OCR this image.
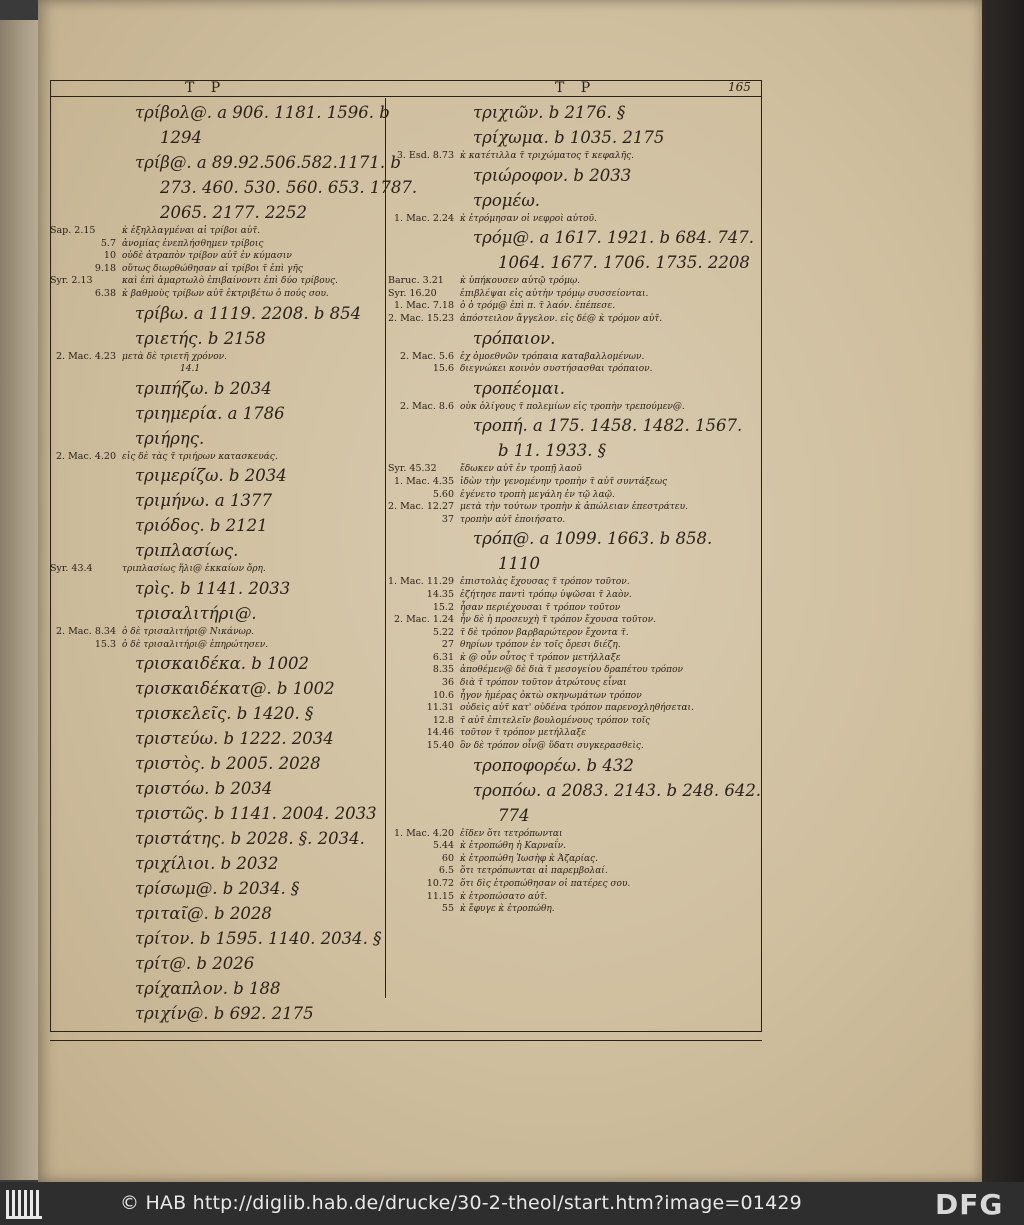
T P	T P	165
τρίβολ@. a 906. 1181. 1596. b
1294
τρίβ@. a 89.92.506.582.1171. b
273. 460. 530. 560. 653. 1787.
2065. 2177. 2252
Sap. 2.15	κ̀ ἐξηλλαγμέναι αἱ τρίβοι αὐτ̃.
5.7 ἀνομίας ἐνεπλήσθημεν τρίβοις
10 οὐδὲ ἀτραπὸν τρίβον αὐτ̃ ἐν κύμασιν
9.18 οὕτως διωρθώθησαν αἱ τρίβοι τ̃ ἐπὶ γῆς
Syr. 2.13	καὶ ἐπὶ ἁμαρτωλὸ ἐπιβαίνοντι ἐπὶ δύο τρίβους.
6.38 κ̀ βαθμοὺς τρίβων αὐτ̃ ἐκτριβέτω ὁ πούς σου.
τρίβω. a 1119. 2208. b 854
τριετής. b 2158
2. Mac. 4.23 μετὰ δὲ τριετῆ χρόνον.
14.1
τριπήζω. b 2034
τριημερία. a 1786
τριήρης.
2. Mac. 4.20 εἰς δὲ τὰς τ̃ τριήρων κατασκευάς.
τριμερίζω. b 2034
τριμήνω. a 1377
τριόδος. b 2121
τριπλασίως.
Syr. 43.4	τριπλασίως ἥλι@ ἐκκαίων ὄρη.
τρὶς. b 1141. 2033
τρισαλιτήρι@.
2. Mac. 8.34 ὁ δὲ τρισαλιτήρι@ Νικάνωρ.
15.3 ὁ δὲ τρισαλιτήρι@ ἐπηρώτησεν.
τρισκαιδέκα. b 1002
τρισκαιδέκατ@. b 1002
τρισκελεῖς. b 1420. §
τριστεύω. b 1222. 2034
τριστὸς. b 2005. 2028
τριστόω. b 2034
τριστῶς. b 1141. 2004. 2033
τριστάτης. b 2028. §. 2034.
τριχίλιοι. b 2032
τρίσωμ@. b 2034. §
τριταῖ@. b 2028
τρίτον. b 1595. 1140. 2034. §
τρίτ@. b 2026
τρίχαπλον. b 188
τριχίν@. b 692. 2175
τριχιῶν. b 2176. §
τρίχωμα. b 1035. 2175
3. Esd. 8.73 κ̀ κατέτιλλα τ̃ τριχώματος τ̃ κεφαλῆς.
τριώροφον. b 2033
τρομέω.
1. Mac. 2.24 κ̀ ἐτρόμησαν οἱ νεφροὶ αὐτοῦ.
τρόμ@. a 1617. 1921. b 684. 747.
1064. 1677. 1706. 1735. 2208
Baruc. 3.21	κ̀ ὑπήκουσεν αὐτῷ τρόμῳ.
Syr. 16.20	ἐπιβλέψαι εἰς αὐτὴν τρόμῳ συσσείονται.
1. Mac. 7.18 ὁ ὁ τρόμ@ ἐπὶ π. τ̃ λαόν. ἐπέπεσε.
2. Mac. 15.23 ἀπόστειλον ἄγγελον. εἰς δέ@ κ̀ τρόμον αὐτ̃.
τρόπαιον.
2. Mac. 5.6 ἐχ ὁμοεθνῶν τρόπαια καταβαλλομένων.
15.6 διεγνώκει κοινὸν συστήσασθαι τρόπαιον.
τροπέομαι.
2. Mac. 8.6 οὐκ ὀλίγους τ̃ πολεμίων εἰς τροπὴν τρεπούμεν@.
τροπή. a 175. 1458. 1482. 1567.
b 11. 1933. §
Syr. 45.32	ἔδωκεν αὐτ̃ ἐν τροπῇ λαοῦ
1. Mac. 4.35 ἰδὼν τὴν γενομένην τροπὴν τ̃ αὐτ̃ συντάξεως
5.60 ἐγένετο τροπὴ μεγάλη ἐν τῷ λαῷ.
2. Mac. 12.27 μετὰ τὴν τούτων τροπὴν κ̀ ἀπώλειαν ἐπεστράτευ.
37 τροπὴν αὐτ̃ ἐποιήσατο.
τρόπ@. a 1099. 1663. b 858.
1110
1. Mac. 11.29 ἐπιστολὰς ἔχουσας τ̃ τρόπον τοῦτον.
14.35 ἐζήτησε παντὶ τρόπῳ ὑψῶσαι τ̃ λαὸν.
15.2 ἦσαν περιέχουσαι τ̃ τρόπον τοῦτον
2. Mac. 1.24 ἦν δὲ ἡ προσευχὴ τ̃ τρόπον ἔχουσα τοῦτον.
5.22 τ̃ δὲ τρόπον βαρβαρώτερον ἔχοντα τ̃.
27 θηρίων τρόπον ἐν τοῖς ὄρεσι διέζη.
6.31 κ̀ @ οὖν οὗτος τ̃ τρόπον μετήλλαξε
8.35 ἀποθέμεν@ δὲ διὰ τ̃ μεσογείου δραπέτου τρόπον
36 διὰ τ̃ τρόπον τοῦτον ἀτρώτους εἶναι
10.6 ἦγον ἡμέρας ὀκτὼ σκηνωμάτων τρόπον
11.31 οὐδεὶς αὐτ̃ κατ' οὐδένα τρόπον παρενοχληθήσεται.
12.8 τ̃ αὐτ̃ ἐπιτελεῖν βουλομένους τρόπον τοῖς
14.46 τοῦτον τ̃ τρόπον μετήλλαξε
15.40 ὃν δὲ τρόπον οἶν@ ὕδατι συγκερασθεὶς.
τροποφορέω. b 432
τροπόω. a 2083. 2143. b 248. 642.
774
1. Mac. 4.20 ἐῖδεν ὅτι τετρόπωνται
5.44 κ̀ ἐτροπώθη ἡ Καρναΐν.
60 κ̀ ἐτροπώθη Ἰωσὴφ κ̀ Ἀζαρίας.
6.5 ὅτι τετρόπωνται αἱ παρεμβολαί.
10.72 ὅτι δὶς ἐτροπώθησαν οἱ πατέρες σου.
11.15 κ̀ ἐτροπώσατο αὐτ̃.
55 κ̀ ἔφυγε κ̀ ἐτροπώθη.
© HAB http://diglib.hab.de/drucke/30-2-theol/start.htm?image=01429	DFG
